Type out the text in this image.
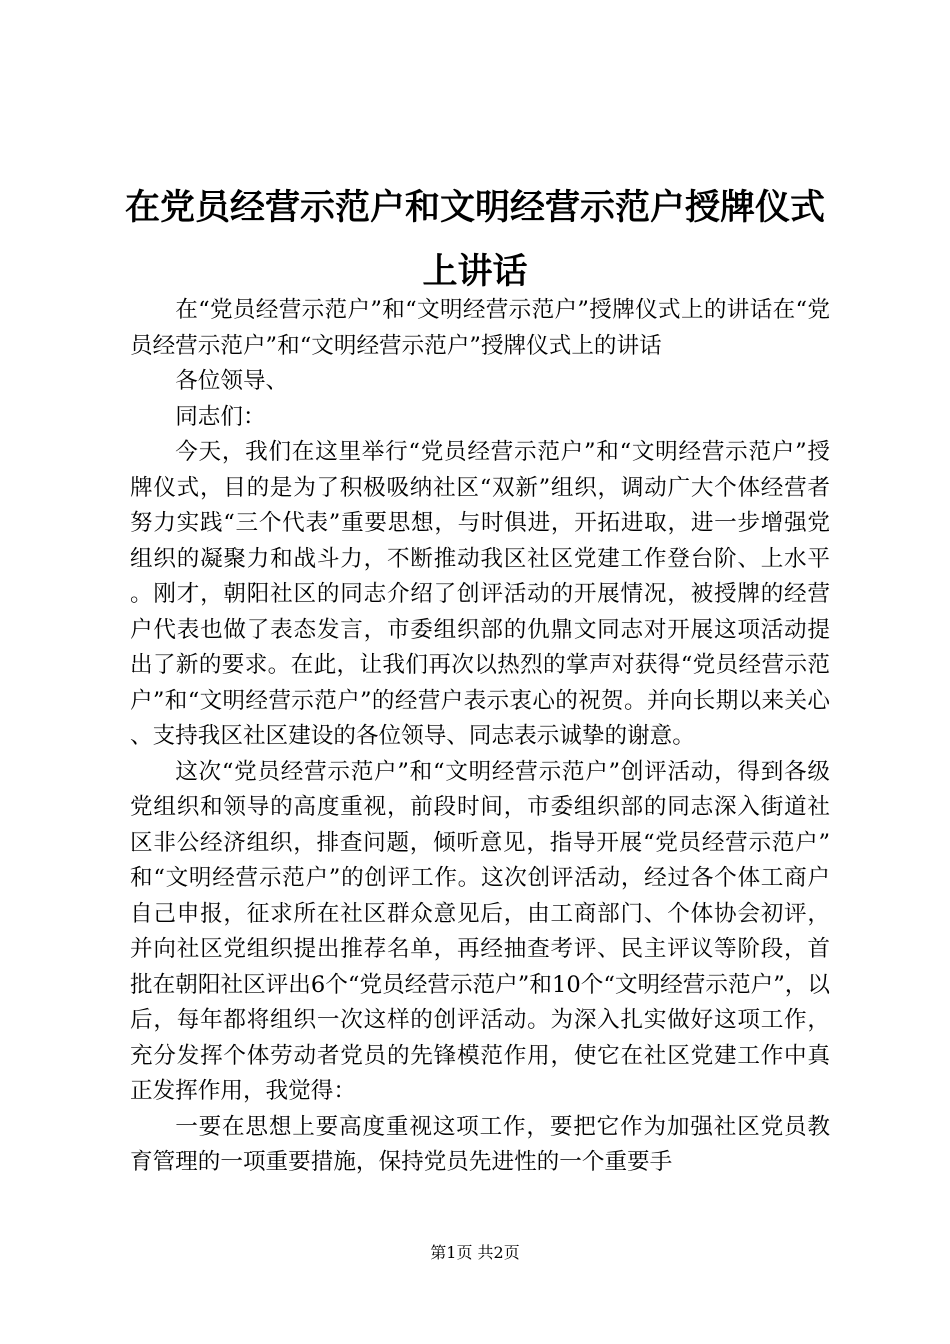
在党员经营示范户和文明经营示范户授牌仪式
上讲话

在“党员经营示范户”和“文明经营示范户”授牌仪式上的讲话在“党员经营示范户”和“文明经营示范户”授牌仪式上的讲话

各位领导、

同志们：

今天，我们在这里举行“党员经营示范户”和“文明经营示范户”授牌仪式，目的是为了积极吸纳社区“双新”组织，调动广大个体经营者努力实践“三个代表”重要思想，与时俱进，开拓进取，进一步增强党组织的凝聚力和战斗力，不断推动我区社区党建工作登台阶、上水平。刚才，朝阳社区的同志介绍了创评活动的开展情况，被授牌的经营户代表也做了表态发言，市委组织部的仇鼎文同志对开展这项活动提出了新的要求。在此，让我们再次以热烈的掌声对获得“党员经营示范户”和“文明经营示范户”的经营户表示衷心的祝贺。并向长期以来关心、支持我区社区建设的各位领导、同志表示诚挚的谢意。

这次“党员经营示范户”和“文明经营示范户”创评活动，得到各级党组织和领导的高度重视，前段时间，市委组织部的同志深入街道社区非公经济组织，排查问题，倾听意见，指导开展“党员经营示范户”和“文明经营示范户”的创评工作。这次创评活动，经过各个体工商户自己申报，征求所在社区群众意见后，由工商部门、个体协会初评，并向社区党组织提出推荐名单，再经抽查考评、民主评议等阶段，首批在朝阳社区评出6个“党员经营示范户”和10个“文明经营示范户”，以后，每年都将组织一次这样的创评活动。为深入扎实做好这项工作，充分发挥个体劳动者党员的先锋模范作用，使它在社区党建工作中真正发挥作用，我觉得：

一要在思想上要高度重视这项工作，要把它作为加强社区党员教育管理的一项重要措施，保持党员先进性的一个重要手

第1页 共2页
